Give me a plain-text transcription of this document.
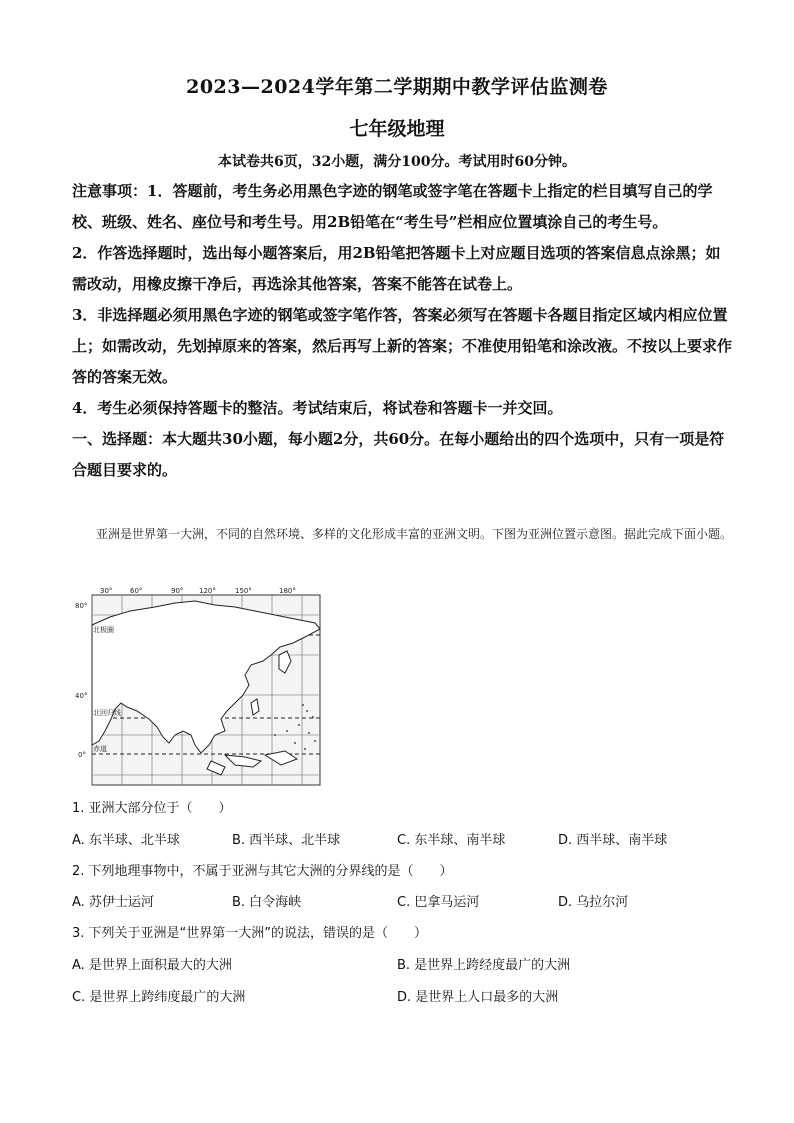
2023—2024学年第二学期期中教学评估监测卷
七年级地理
本试卷共6页，32小题，满分100分。考试用时60分钟。

注意事项：1．答题前，考生务必用黑色字迹的钢笔或签字笔在答题卡上指定的栏目填写自己的学校、班级、姓名、座位号和考生号。用2B铅笔在“考生号”栏相应位置填涂自己的考生号。

2．作答选择题时，选出每小题答案后，用2B铅笔把答题卡上对应题目选项的答案信息点涂黑；如需改动，用橡皮擦干净后，再选涂其他答案，答案不能答在试卷上。

3．非选择题必须用黑色字迹的钢笔或签字笔作答，答案必须写在答题卡各题目指定区域内相应位置上；如需改动，先划掉原来的答案，然后再写上新的答案；不准使用铅笔和涂改液。不按以上要求作答的答案无效。

4．考生必须保持答题卡的整洁。考试结束后，将试卷和答题卡一并交回。

一、选择题：本大题共30小题，每小题2分，共60分。在每小题给出的四个选项中，只有一项是符合题目要求的。

亚洲是世界第一大洲，不同的自然环境、多样的文化形成丰富的亚洲文明。下图为亚洲位置示意图。据此完成下面小题。

30°	60°	90° 120°	150°	180°
80°
40°
0°
北极圈
北回归线
赤道
1. 亚洲大部分位于（　　）
A. 东半球、北半球	B. 西半球、北半球	C. 东半球、南半球	D. 西半球、南半球
2. 下列地理事物中，不属于亚洲与其它大洲的分界线的是（　　）
A. 苏伊士运河	B. 白令海峡	C. 巴拿马运河	D. 乌拉尔河
3. 下列关于亚洲是“世界第一大洲”的说法，错误的是（　　）
A. 是世界上面积最大的大洲	B. 是世界上跨经度最广的大洲
C. 是世界上跨纬度最广的大洲	D. 是世界上人口最多的大洲
